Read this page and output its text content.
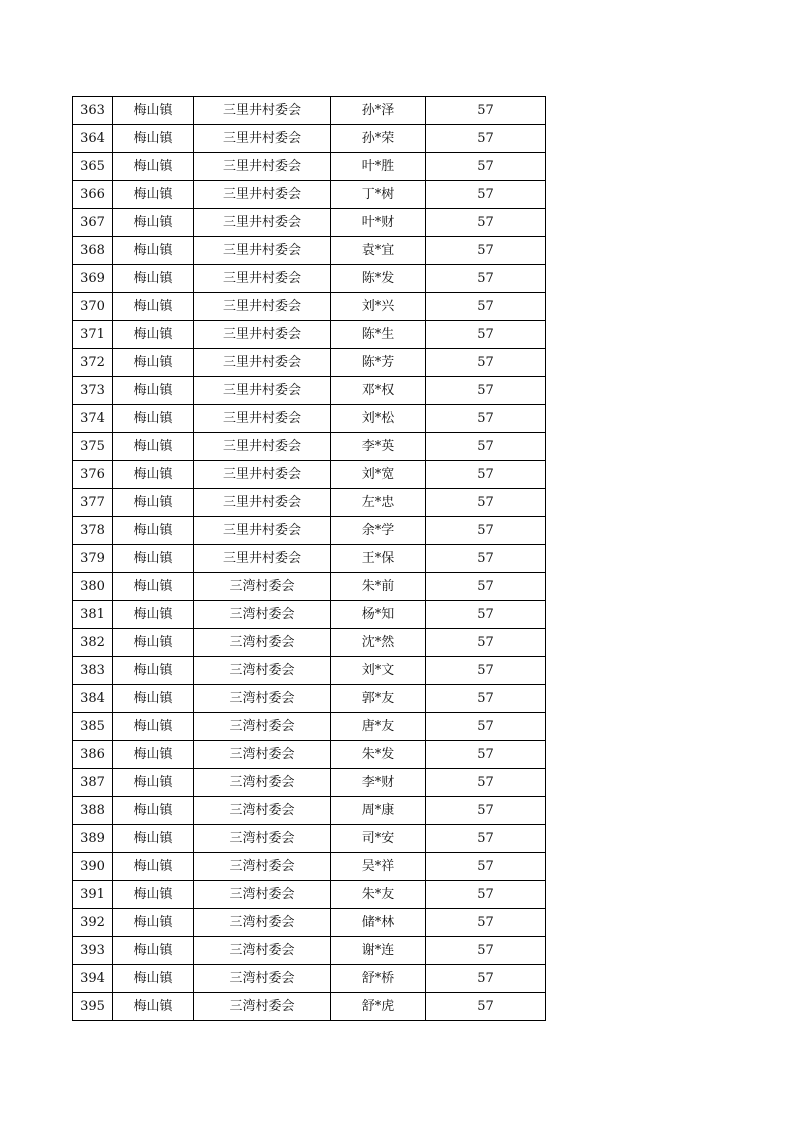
363	梅山镇	三里井村委会	孙*泽	57
364	梅山镇	三里井村委会	孙*荣	57
365	梅山镇	三里井村委会	叶*胜	57
366	梅山镇	三里井村委会	丁*树	57
367	梅山镇	三里井村委会	叶*财	57
368	梅山镇	三里井村委会	袁*宜	57
369	梅山镇	三里井村委会	陈*发	57
370	梅山镇	三里井村委会	刘*兴	57
371	梅山镇	三里井村委会	陈*生	57
372	梅山镇	三里井村委会	陈*芳	57
373	梅山镇	三里井村委会	邓*权	57
374	梅山镇	三里井村委会	刘*松	57
375	梅山镇	三里井村委会	李*英	57
376	梅山镇	三里井村委会	刘*宽	57
377	梅山镇	三里井村委会	左*忠	57
378	梅山镇	三里井村委会	余*学	57
379	梅山镇	三里井村委会	王*保	57
380	梅山镇	三湾村委会	朱*前	57
381	梅山镇	三湾村委会	杨*知	57
382	梅山镇	三湾村委会	沈*然	57
383	梅山镇	三湾村委会	刘*文	57
384	梅山镇	三湾村委会	郭*友	57
385	梅山镇	三湾村委会	唐*友	57
386	梅山镇	三湾村委会	朱*发	57
387	梅山镇	三湾村委会	李*财	57
388	梅山镇	三湾村委会	周*康	57
389	梅山镇	三湾村委会	司*安	57
390	梅山镇	三湾村委会	吴*祥	57
391	梅山镇	三湾村委会	朱*友	57
392	梅山镇	三湾村委会	储*林	57
393	梅山镇	三湾村委会	谢*连	57
394	梅山镇	三湾村委会	舒*桥	57
395	梅山镇	三湾村委会	舒*虎	57
